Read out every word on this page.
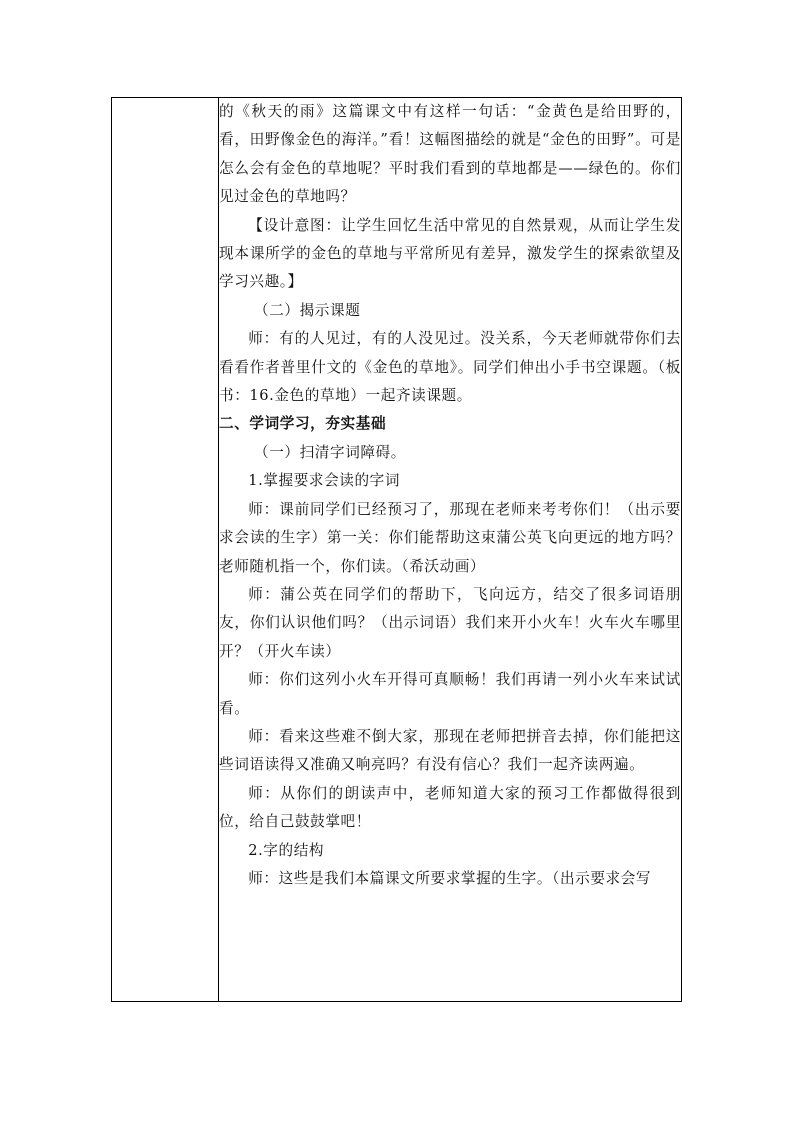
的《秋天的雨》这篇课文中有这样一句话：“金黄色是给田野的，看，田野像金色的海洋。”看！这幅图描绘的就是“金色的田野”。可是怎么会有金色的草地呢？平时我们看到的草地都是——绿色的。你们见过金色的草地吗？

【设计意图：让学生回忆生活中常见的自然景观，从而让学生发现本课所学的金色的草地与平常所见有差异，激发学生的探索欲望及学习兴趣。】

（二）揭示课题

师：有的人见过，有的人没见过。没关系，今天老师就带你们去看看作者普里什文的《金色的草地》。同学们伸出小手书空课题。（板书：16.金色的草地）一起齐读课题。

二、学词学习，夯实基础

（一）扫清字词障碍。

1.掌握要求会读的字词

师：课前同学们已经预习了，那现在老师来考考你们！（出示要求会读的生字）第一关：你们能帮助这束蒲公英飞向更远的地方吗？老师随机指一个，你们读。（希沃动画）

师：蒲公英在同学们的帮助下，飞向远方，结交了很多词语朋友，你们认识他们吗？（出示词语）我们来开小火车！火车火车哪里开？（开火车读）

师：你们这列小火车开得可真顺畅！我们再请一列小火车来试试看。

师：看来这些难不倒大家，那现在老师把拼音去掉，你们能把这些词语读得又准确又响亮吗？有没有信心？我们一起齐读两遍。

师：从你们的朗读声中，老师知道大家的预习工作都做得很到位，给自己鼓鼓掌吧！

2.字的结构

师：这些是我们本篇课文所要求掌握的生字。（出示要求会写
